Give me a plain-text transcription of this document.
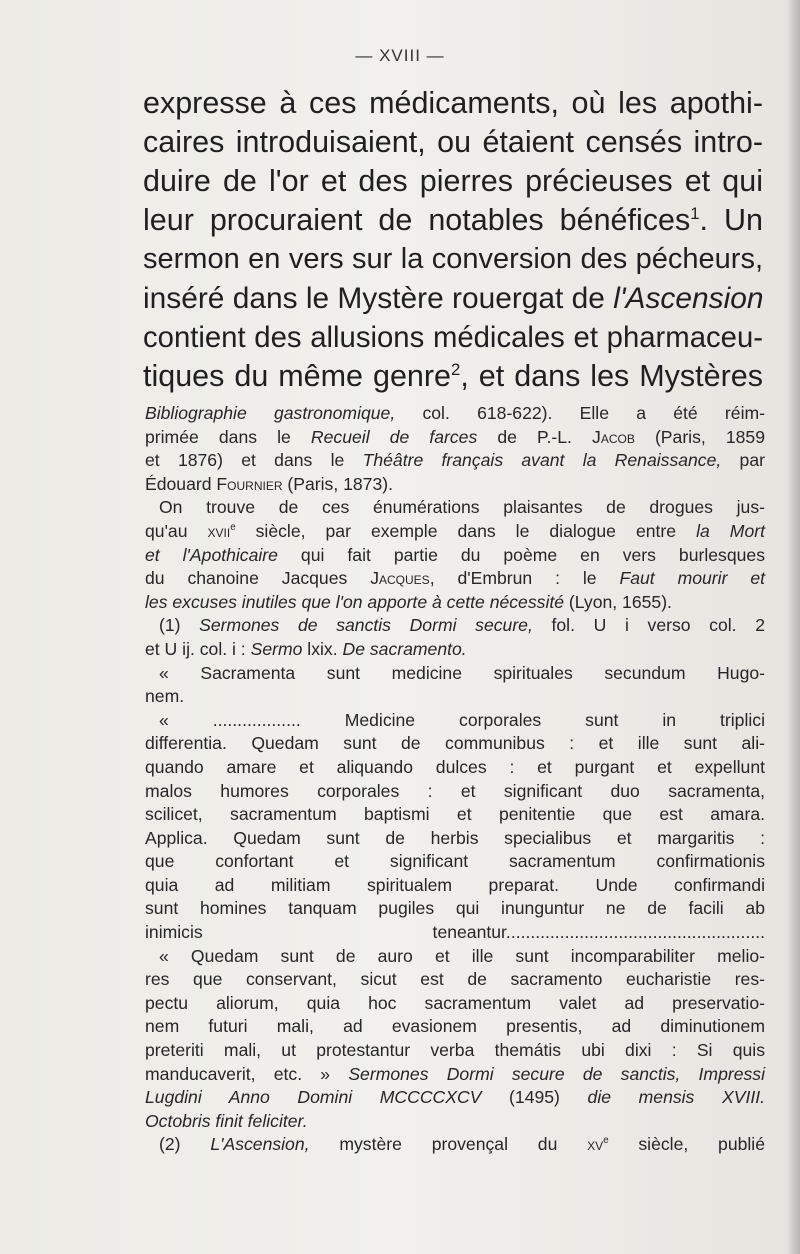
— XVIII —
expresse à ces médicaments, où les apothi-
caires introduisaient, ou étaient censés intro-
duire de l'or et des pierres précieuses et qui
leur procuraient de notables bénéfices$^1$. Un
sermon en vers sur la conversion des pécheurs,
inséré dans le Mystère rouergat de l'Ascension
contient des allusions médicales et pharmaceu-
tiques du même genre$^2$, et dans les Mystères

Bibliographie gastronomique, col. 618-622). Elle a été réim-
primée dans le Recueil de farces de P.-L. Jacob (Paris, 1859
et 1876) et dans le Théâtre français avant la Renaissance, par
Édouard Fournier (Paris, 1873).

On trouve de ces énumérations plaisantes de drogues jus-

qu'au xvii$^e$ siècle, par exemple dans le dialogue entre la Mort
et l'Apothicaire qui fait partie du poème en vers burlesques
du chanoine Jacques Jacques, d'Embrun : le Faut mourir et
les excuses inutiles que l'on apporte à cette nécessité (Lyon, 1655).

(1) Sermones de sanctis Dormi secure, fol. U i verso col. 2

et U ij. col. i : Sermo lxix. De sacramento.

« Sacramenta sunt medicine spirituales secundum Hugo-

nem.

« .................. Medicine corporales sunt in triplici

differentia. Quedam sunt de communibus : et ille sunt ali-
quando amare et aliquando dulces : et purgant et expellunt
malos humores corporales : et significant duo sacramenta,
scilicet, sacramentum baptismi et penitentie que est amara.
Applica. Quedam sunt de herbis specialibus et margaritis :
que confortant et significant sacramentum confirmationis
quia ad militiam spiritualem preparat. Unde confirmandi
sunt homines tanquam pugiles qui inunguntur ne de facili ab
inimicis teneantur.....................................................

« Quedam sunt de auro et ille sunt incomparabiliter melio-

res que conservant, sicut est de sacramento eucharistie res-
pectu aliorum, quia hoc sacramentum valet ad preservatio-
nem futuri mali, ad evasionem presentis, ad diminutionem
preteriti mali, ut protestantur verba themátis ubi dixi : Si quis
manducaverit, etc. » Sermones Dormi secure de sanctis, Impressi
Lugdini Anno Domini MCCCCXCV (1495) die mensis XVIII.
Octobris finit feliciter.

(2) L'Ascension, mystère provençal du $xv^e$ siècle, publié
